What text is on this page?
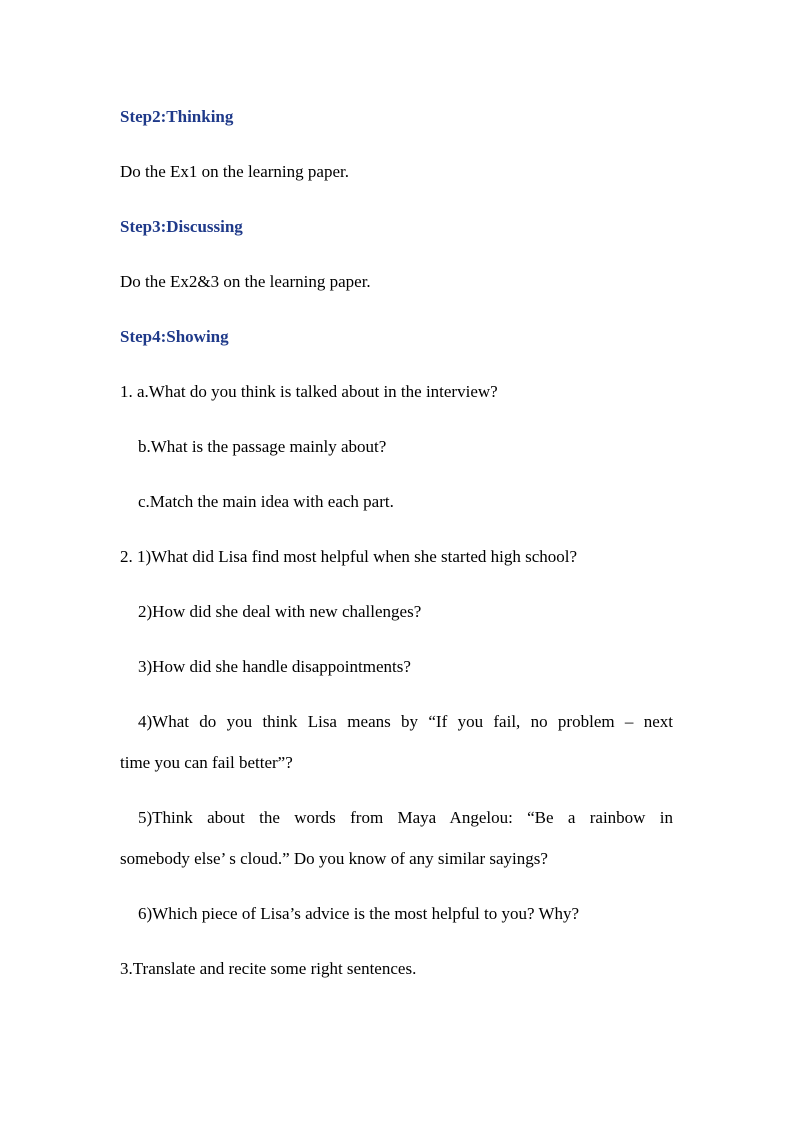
Step2:Thinking
Do the Ex1 on the learning paper.
Step3:Discussing
Do the Ex2&3 on the learning paper.
Step4:Showing
1. a.What do you think is talked about in the interview?
b.What is the passage mainly about?
c.Match the main idea with each part.
2. 1)What did Lisa find most helpful when she started high school?
2)How did she deal with new challenges?
3)How did she handle disappointments?
4)What do you think Lisa means by “If you fail, no problem – next
time you can fail better”?
5)Think about the words from Maya Angelou: “Be a rainbow in
somebody else’ s cloud.” Do you know of any similar sayings?
6)Which piece of Lisa’s advice is the most helpful to you? Why?
3.Translate and recite some right sentences.
